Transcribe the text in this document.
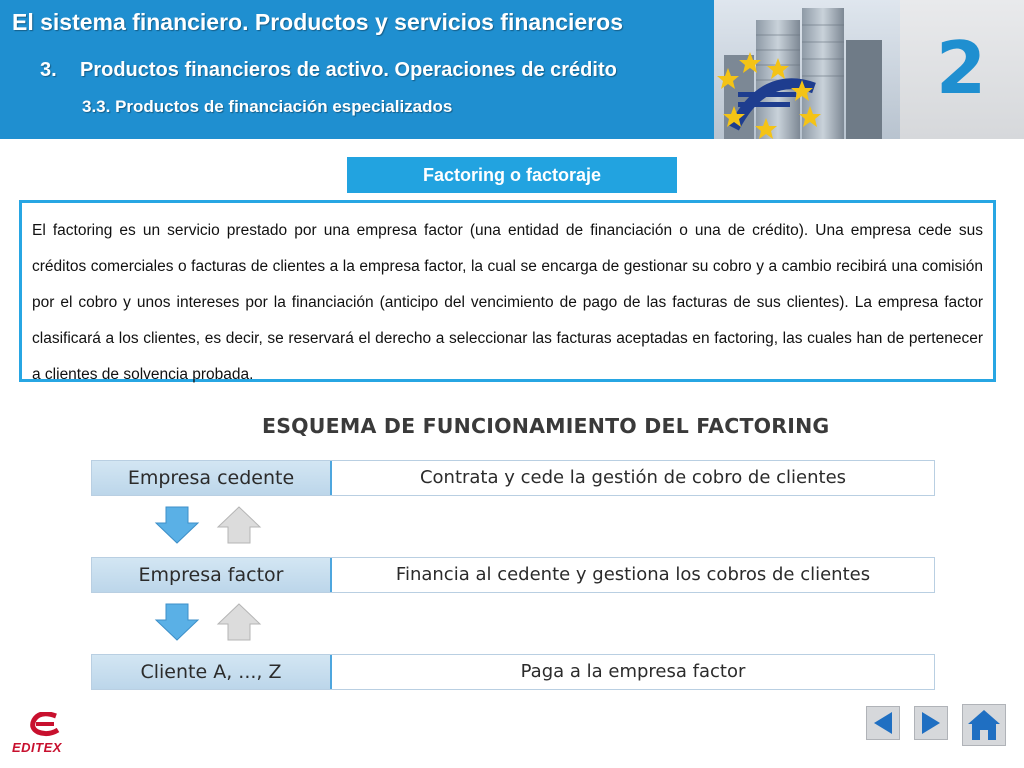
El sistema financiero. Productos y servicios financieros
3. Productos financieros de activo. Operaciones de crédito
3.3. Productos de financiación especializados	2
Factoring o factoraje

El factoring es un servicio prestado por una empresa factor (una entidad de financiación o una de crédito). Una empresa cede sus créditos comerciales o facturas de clientes a la empresa factor, la cual se encarga de gestionar su cobro y a cambio recibirá una comisión por el cobro y unos intereses por la financiación (anticipo del vencimiento de pago de las facturas de sus clientes). La empresa factor clasificará a los clientes, es decir, se reservará el derecho a seleccionar las facturas aceptadas en factoring, las cuales han de pertenecer a clientes de solvencia probada.

ESQUEMA DE FUNCIONAMIENTO DEL FACTORING
Empresa cedente	Contrata y cede la gestión de cobro de clientes
Empresa factor	Financia al cedente y gestiona los cobros de clientes
Cliente A, ..., Z	Paga a la empresa factor
EDITEX
